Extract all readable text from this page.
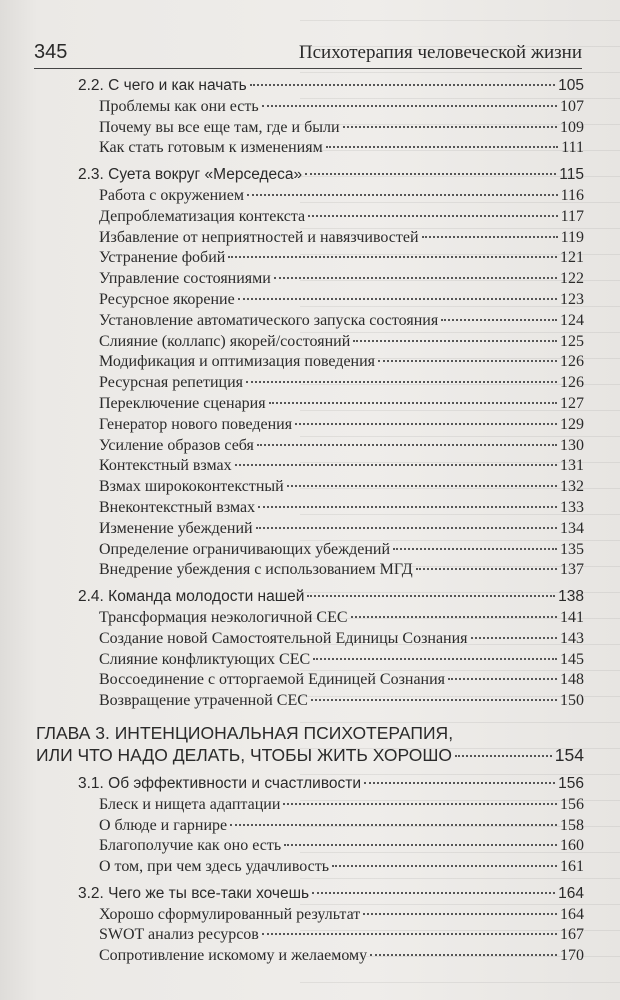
345	Психотерапия человеческой жизни
2.2. С чего и как начать	105
Проблемы как они есть	107
Почему вы все еще там, где и были	109
Как стать готовым к изменениям	111
2.3. Суета вокруг «Мерседеса»	115
Работа с окружением	116
Депроблематизация контекста	117
Избавление от неприятностей и навязчивостей	119
Устранение фобий	121
Управление состояниями	122
Ресурсное якорение	123
Установление автоматического запуска состояния	124
Слияние (коллапс) якорей/состояний	125
Модификация и оптимизация поведения	126
Ресурсная репетиция	126
Переключение сценария	127
Генератор нового поведения	129
Усиление образов себя	130
Контекстный взмах	131
Взмах ширококонтекстный	132
Внеконтекстный взмах	133
Изменение убеждений	134
Определение ограничивающих убеждений	135
Внедрение убеждения с использованием МГД	137
2.4. Команда молодости нашей	138
Трансформация неэкологичной СЕС	141
Создание новой Самостоятельной Единицы Сознания	143
Слияние конфликтующих СЕС	145
Воссоединение с отторгаемой Единицей Сознания	148
Возвращение утраченной СЕС	150
ГЛАВА 3. ИНТЕНЦИОНАЛЬНАЯ ПСИХОТЕРАПИЯ,
ИЛИ ЧТО НАДО ДЕЛАТЬ, ЧТОБЫ ЖИТЬ ХОРОШО	154
3.1. Об эффективности и счастливости	156
Блеск и нищета адаптации	156
О блюде и гарнире	158
Благополучие как оно есть	160
О том, при чем здесь удачливость	161
3.2. Чего же ты все-таки хочешь	164
Хорошо сформулированный результат	164
SWOT анализ ресурсов	167
Сопротивление искомому и желаемому	170
